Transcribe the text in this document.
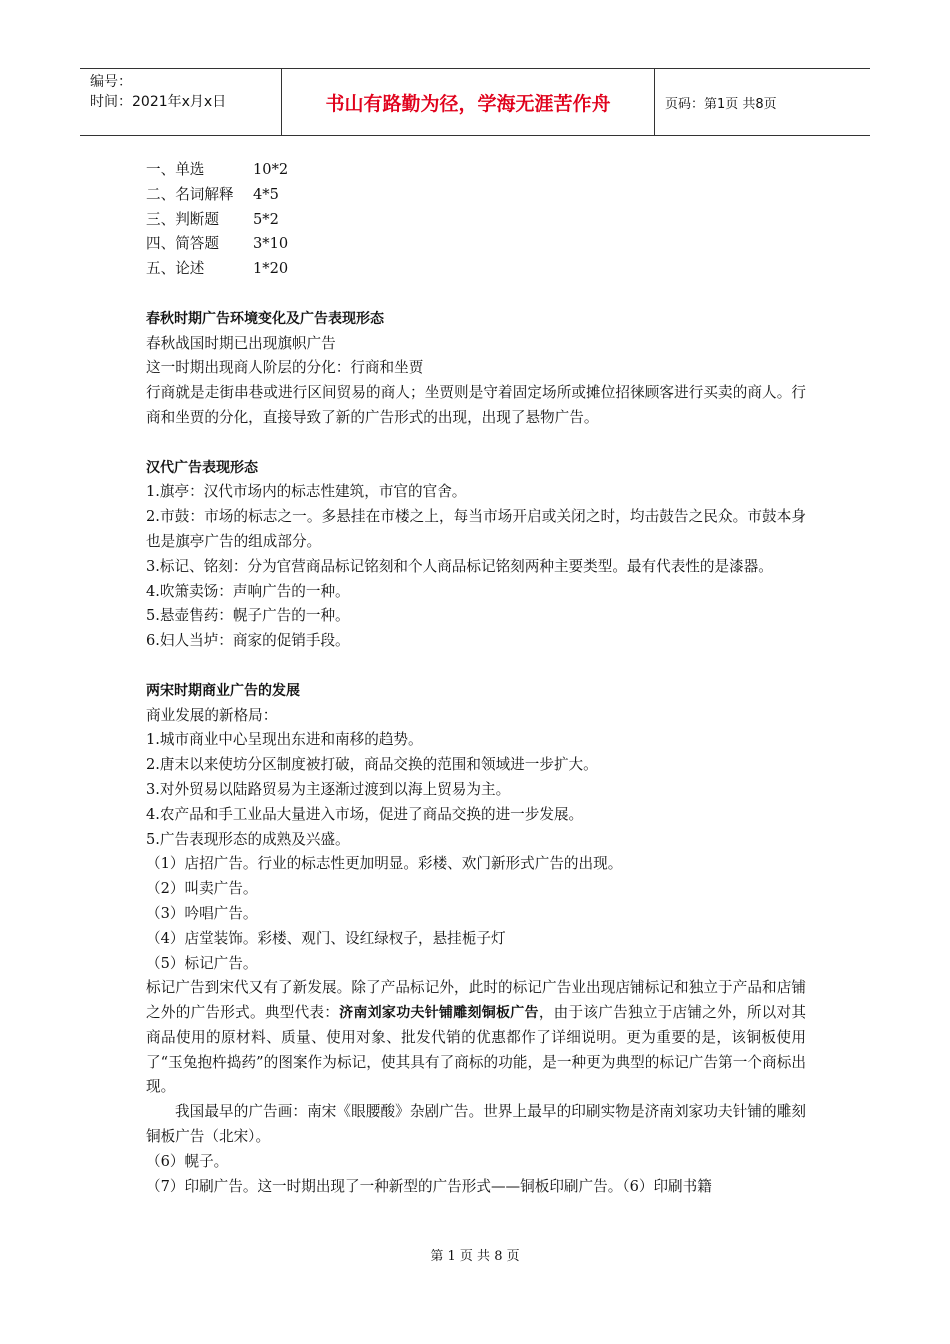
编号：
时间：2021年x月x日	书山有路勤为径，学海无涯苦作舟	页码：第1页 共8页
一、单选	10*2
二、名词解释	4*5
三、判断题	5*2
四、简答题	3*10
五、论述	1*20
春秋时期广告环境变化及广告表现形态
春秋战国时期已出现旗帜广告
这一时期出现商人阶层的分化：行商和坐贾
行商就是走街串巷或进行区间贸易的商人；坐贾则是守着固定场所或摊位招徕顾客进行买卖的商人。行商和坐贾的分化，直接导致了新的广告形式的出现，出现了悬物广告。
汉代广告表现形态
1.旗亭：汉代市场内的标志性建筑，市官的官舍。
2.市鼓：市场的标志之一。多悬挂在市楼之上，每当市场开启或关闭之时，均击鼓告之民众。市鼓本身也是旗亭广告的组成部分。
3.标记、铭刻：分为官营商品标记铭刻和个人商品标记铭刻两种主要类型。最有代表性的是漆器。
4.吹箫卖饧：声响广告的一种。
5.悬壶售药：幌子广告的一种。
6.妇人当垆：商家的促销手段。
两宋时期商业广告的发展
商业发展的新格局：
1.城市商业中心呈现出东进和南移的趋势。
2.唐末以来使坊分区制度被打破，商品交换的范围和领域进一步扩大。
3.对外贸易以陆路贸易为主逐渐过渡到以海上贸易为主。
4.农产品和手工业品大量进入市场，促进了商品交换的进一步发展。
5.广告表现形态的成熟及兴盛。
（1）店招广告。行业的标志性更加明显。彩楼、欢门新形式广告的出现。
（2）叫卖广告。
（3）吟唱广告。
（4）店堂装饰。彩楼、观门、设红绿杈子，悬挂栀子灯
（5）标记广告。
标记广告到宋代又有了新发展。除了产品标记外，此时的标记广告业出现店铺标记和独立于产品和店铺之外的广告形式。典型代表：济南刘家功夫针铺雕刻铜板广告，由于该广告独立于店铺之外，所以对其商品使用的原材料、质量、使用对象、批发代销的优惠都作了详细说明。更为重要的是，该铜板使用了“玉兔抱杵捣药”的图案作为标记，使其具有了商标的功能，是一种更为典型的标记广告第一个商标出现。
我国最早的广告画：南宋《眼腰酸》杂剧广告。世界上最早的印刷实物是济南刘家功夫针铺的雕刻铜板广告（北宋）。
（6）幌子。
（7）印刷广告。这一时期出现了一种新型的广告形式——铜板印刷广告。（6）印刷书籍
第 1 页 共 8 页
